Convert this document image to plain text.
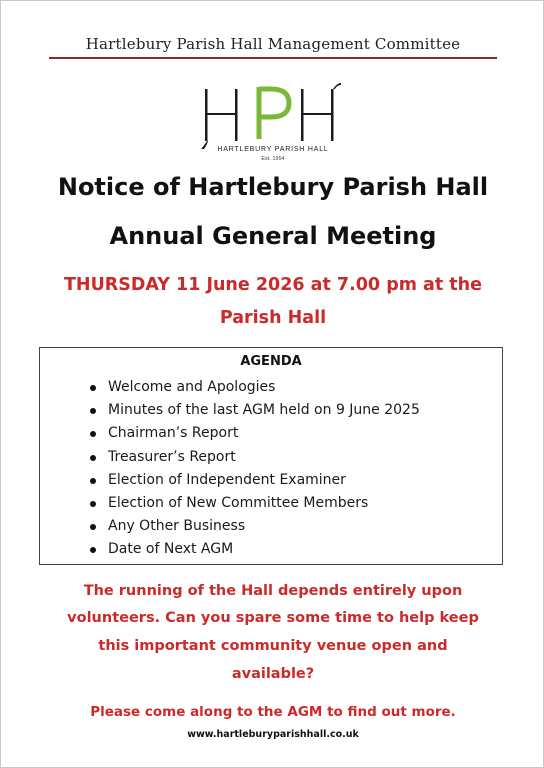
Hartlebury Parish Hall Management Committee
HARTLEBURY PARISH HALL
Est. 1954
Notice of Hartlebury Parish Hall
Annual General Meeting
THURSDAY 11 June 2026 at 7.00 pm at the
Parish Hall
AGENDA
Welcome and Apologies
Minutes of the last AGM held on 9 June 2025
Chairman’s Report
Treasurer’s Report
Election of Independent Examiner
Election of New Committee Members
Any Other Business
Date of Next AGM
The running of the Hall depends entirely upon
volunteers. Can you spare some time to help keep
this important community venue open and
available?
Please come along to the AGM to find out more.
www.hartleburyparishhall.co.uk
